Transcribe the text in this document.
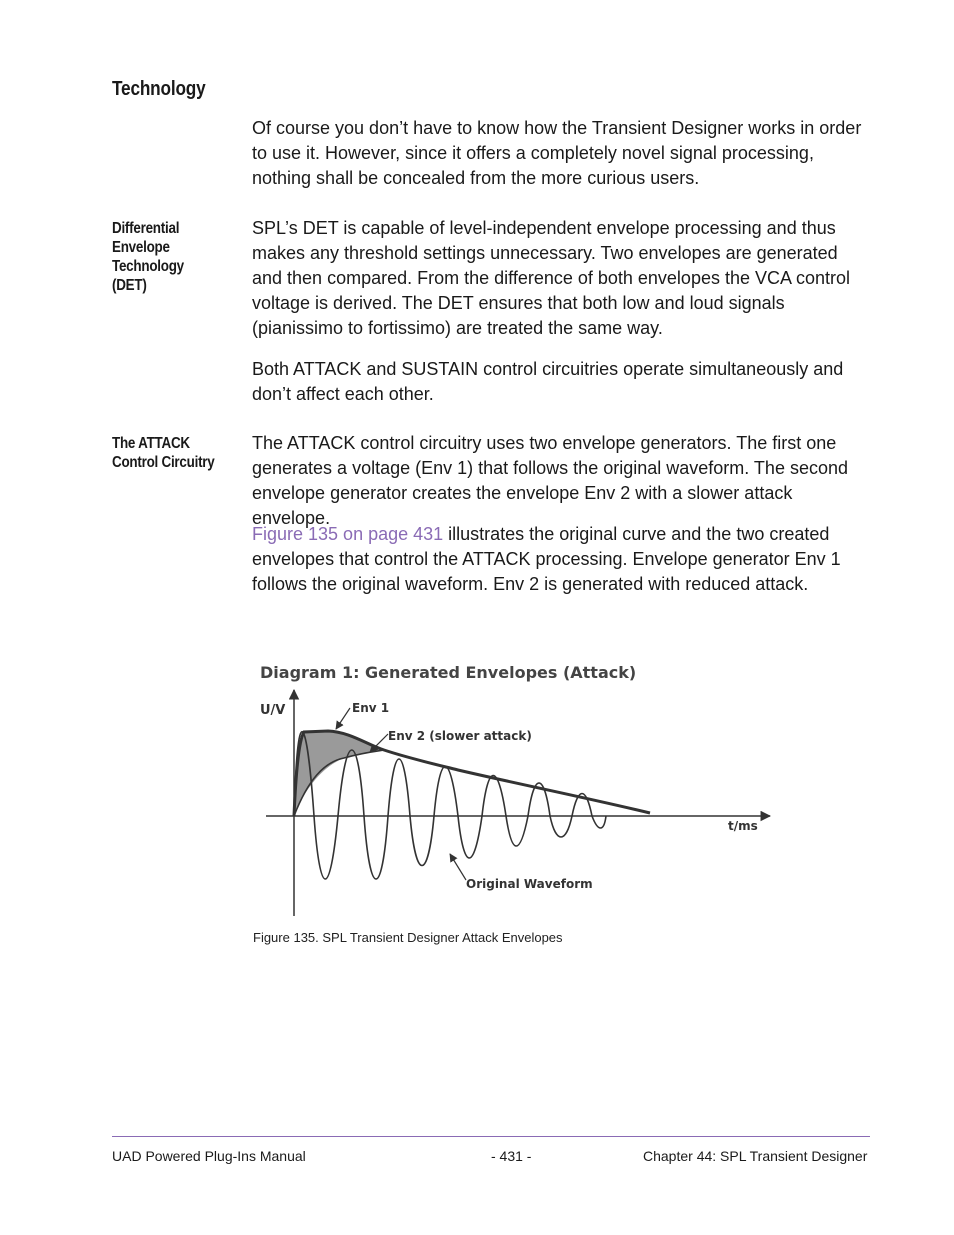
Technology

Of course you don’t have to know how the Transient Designer works in order to use it. However, since it offers a completely novel signal processing, nothing shall be concealed from the more curious users.

Differential Envelope Technology (DET)

SPL’s DET is capable of level-independent envelope processing and thus makes any threshold settings unnecessary. Two envelopes are generated and then compared. From the difference of both envelopes the VCA control voltage is derived. The DET ensures that both low and loud signals (pianissimo to fortissimo) are treated the same way.

Both ATTACK and SUSTAIN control circuitries operate simultaneously and don’t affect each other.

The ATTACK Control Circuitry

The ATTACK control circuitry uses two envelope generators. The first one generates a voltage (Env 1) that follows the original waveform. The second envelope generator creates the envelope Env 2 with a slower attack envelope.

Figure 135 on page 431 illustrates the original curve and the two created envelopes that control the ATTACK processing. Envelope generator Env 1 follows the original waveform. Env 2 is generated with reduced attack.

Diagram 1: Generated Envelopes (Attack)
U/V
t/ms
Env 1
Env 2 (slower attack)
Original Waveform

Figure 135. SPL Transient Designer Attack Envelopes

UAD Powered Plug-Ins Manual	- 431 -	Chapter 44: SPL Transient Designer
